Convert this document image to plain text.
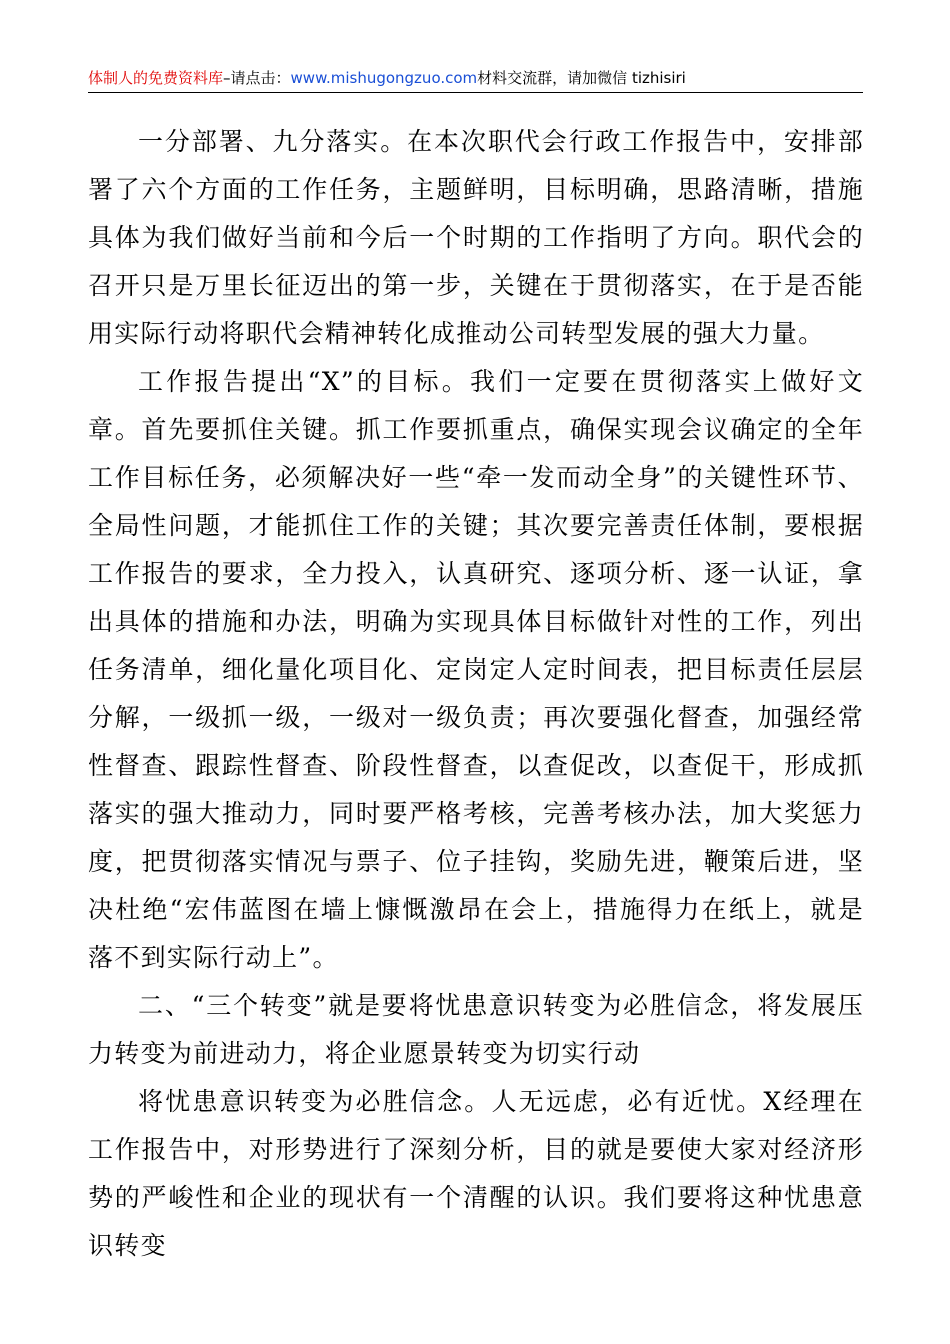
体制人的免费资料库–请点击：www.mishugongzuo.com材料交流群，请加微信 tizhisiri

一分部署、九分落实。在本次职代会行政工作报告中，安排部署了六个方面的工作任务，主题鲜明，目标明确，思路清晰，措施具体为我们做好当前和今后一个时期的工作指明了方向。职代会的召开只是万里长征迈出的第一步，关键在于贯彻落实，在于是否能用实际行动将职代会精神转化成推动公司转型发展的强大力量。

工作报告提出“X”的目标。我们一定要在贯彻落实上做好文章。首先要抓住关键。抓工作要抓重点，确保实现会议确定的全年工作目标任务，必须解决好一些“牵一发而动全身”的关键性环节、全局性问题，才能抓住工作的关键；其次要完善责任体制，要根据工作报告的要求，全力投入，认真研究、逐项分析、逐一认证，拿出具体的措施和办法，明确为实现具体目标做针对性的工作，列出任务清单，细化量化项目化、定岗定人定时间表，把目标责任层层分解，一级抓一级，一级对一级负责；再次要强化督查，加强经常性督查、跟踪性督查、阶段性督查，以查促改，以查促干，形成抓落实的强大推动力，同时要严格考核，完善考核办法，加大奖惩力度，把贯彻落实情况与票子、位子挂钩，奖励先进，鞭策后进，坚决杜绝“宏伟蓝图在墙上慷慨激昂在会上，措施得力在纸上，就是落不到实际行动上”。

二、“三个转变”就是要将忧患意识转变为必胜信念，将发展压力转变为前进动力，将企业愿景转变为切实行动

将忧患意识转变为必胜信念。人无远虑，必有近忧。X经理在工作报告中，对形势进行了深刻分析，目的就是要使大家对经济形势的严峻性和企业的现状有一个清醒的认识。我们要将这种忧患意识转变
